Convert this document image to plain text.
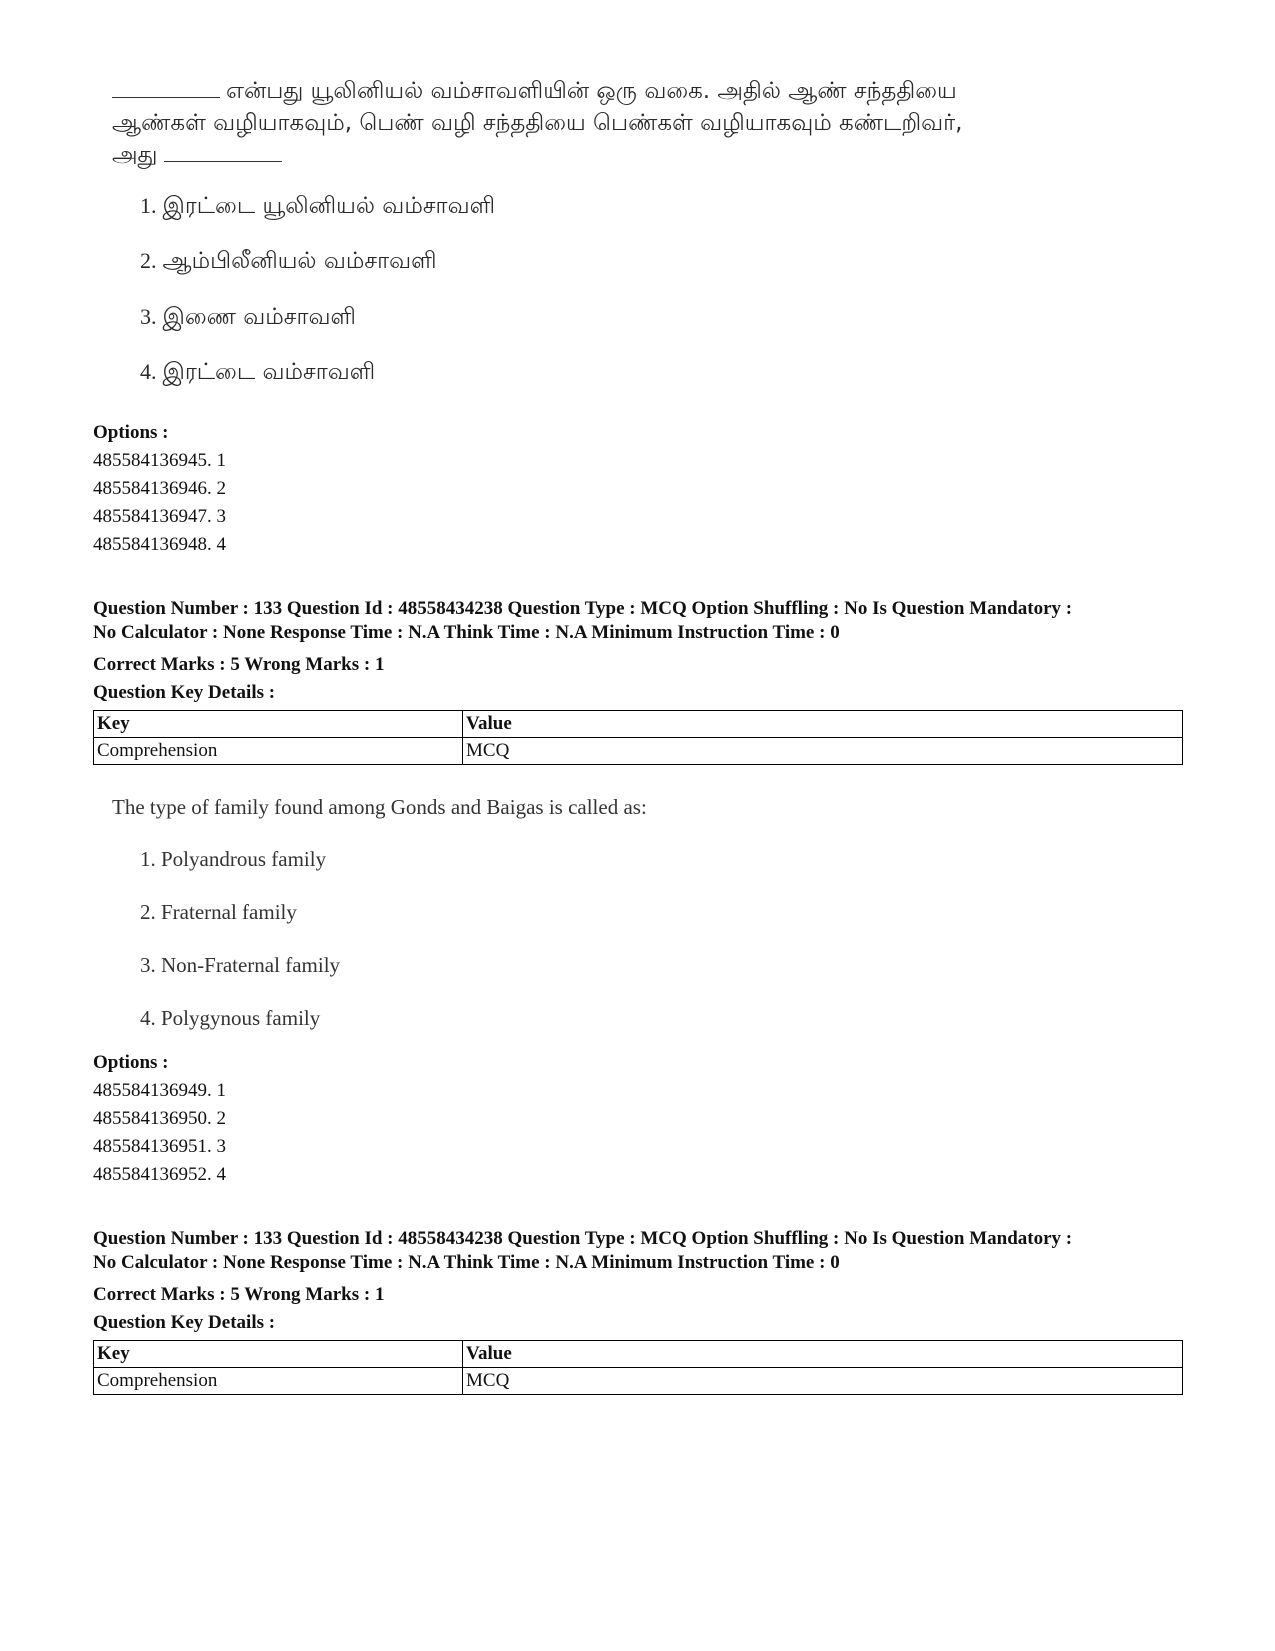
என்பது யூலினியல் வம்சாவளியின் ஒரு வகை. அதில் ஆண் சந்ததியை
ஆண்கள் வழியாகவும், பெண் வழி சந்ததியை பெண்கள் வழியாகவும் கண்டறிவர்,
அது
1. இரட்டை யூலினியல் வம்சாவளி
2. ஆம்பிலீனியல் வம்சாவளி
3. இணை வம்சாவளி
4. இரட்டை வம்சாவளி
Options :
485584136945. 1
485584136946. 2
485584136947. 3
485584136948. 4
Question Number : 133 Question Id : 48558434238 Question Type : MCQ Option Shuffling : No Is Question Mandatory :
No Calculator : None Response Time : N.A Think Time : N.A Minimum Instruction Time : 0
Correct Marks : 5 Wrong Marks : 1
Question Key Details :
Key	Value
Comprehension	MCQ
The type of family found among Gonds and Baigas is called as:
1. Polyandrous family
2. Fraternal family
3. Non-Fraternal family
4. Polygynous family
Options :
485584136949. 1
485584136950. 2
485584136951. 3
485584136952. 4
Question Number : 133 Question Id : 48558434238 Question Type : MCQ Option Shuffling : No Is Question Mandatory :
No Calculator : None Response Time : N.A Think Time : N.A Minimum Instruction Time : 0
Correct Marks : 5 Wrong Marks : 1
Question Key Details :
Key	Value
Comprehension	MCQ
